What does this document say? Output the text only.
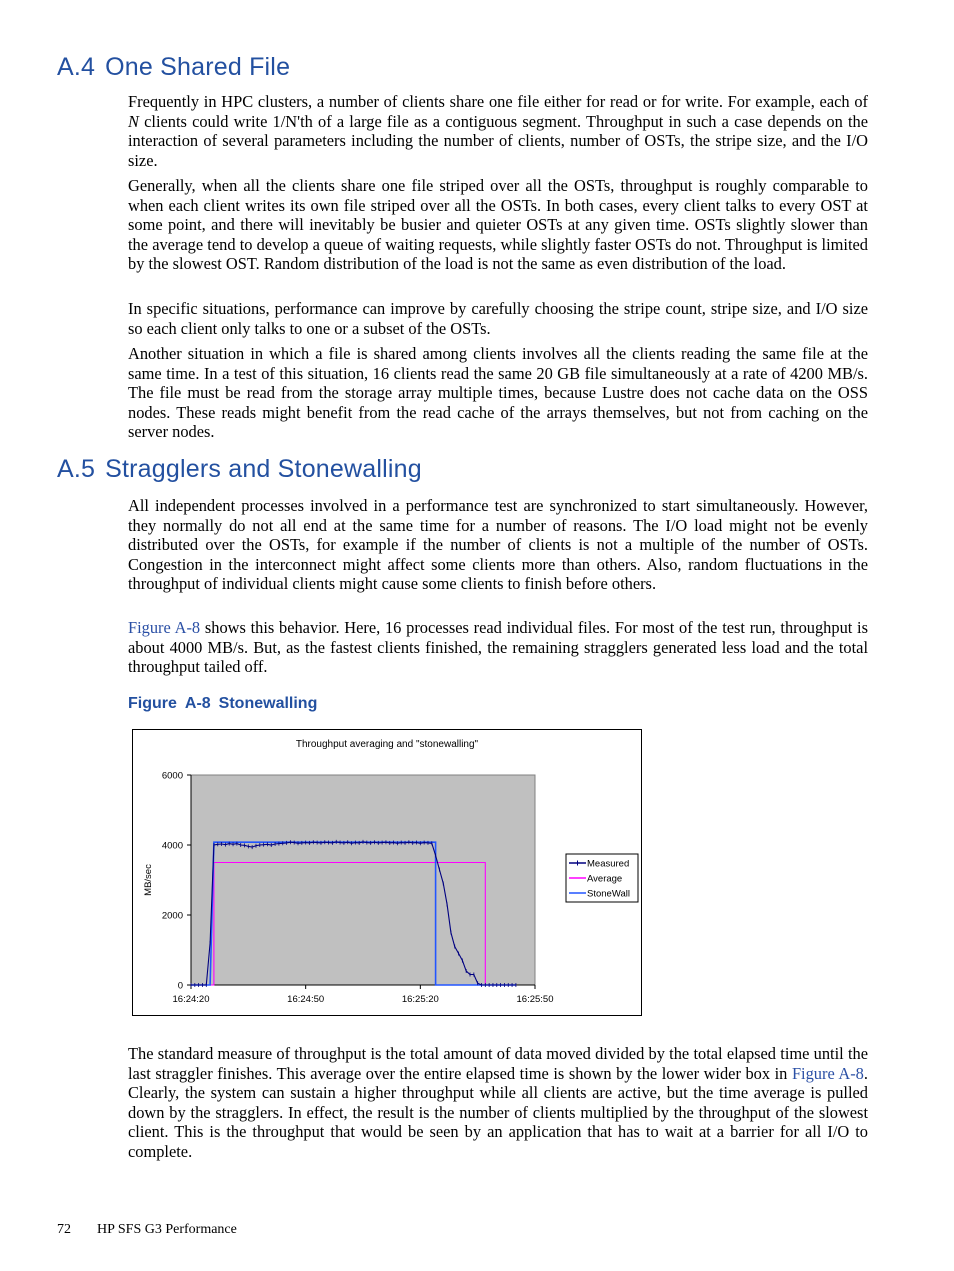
A.4 One Shared File
A.5 Stragglers and Stonewalling
Figure A-8 Stonewalling
Throughput averaging and "stonewalling"
0
2000
4000
6000
16:24:20	16:24:50	16:25:20	16:25:50
MB/sec
Measured
Average
StoneWall
72 HP SFS G3 Performance

Frequently in HPC clusters, a number of clients share one file either for read or for write. For example, each of N clients could write 1/N'th of a large file as a contiguous segment. Throughput in such a case depends on the interaction of several parameters including the number of clients, number of OSTs, the stripe size, and the I/O size.

Generally, when all the clients share one file striped over all the OSTs, throughput is roughly comparable to when each client writes its own file striped over all the OSTs. In both cases, every client talks to every OST at some point, and there will inevitably be busier and quieter OSTs at any given time. OSTs slightly slower than the average tend to develop a queue of waiting requests, while slightly faster OSTs do not. Throughput is limited by the slowest OST. Random distribution of the load is not the same as even distribution of the load.

In specific situations, performance can improve by carefully choosing the stripe count, stripe size, and I/O size so each client only talks to one or a subset of the OSTs.

Another situation in which a file is shared among clients involves all the clients reading the same file at the same time. In a test of this situation, 16 clients read the same 20 GB file simultaneously at a rate of 4200 MB/s. The file must be read from the storage array multiple times, because Lustre does not cache data on the OSS nodes. These reads might benefit from the read cache of the arrays themselves, but not from caching on the server nodes.

All independent processes involved in a performance test are synchronized to start simultaneously. However, they normally do not all end at the same time for a number of reasons. The I/O load might not be evenly distributed over the OSTs, for example if the number of clients is not a multiple of the number of OSTs. Congestion in the interconnect might affect some clients more than others. Also, random fluctuations in the throughput of individual clients might cause some clients to finish before others.

Figure A-8 shows this behavior. Here, 16 processes read individual files. For most of the test run, throughput is about 4000 MB/s. But, as the fastest clients finished, the remaining stragglers generated less load and the total throughput tailed off.

The standard measure of throughput is the total amount of data moved divided by the total elapsed time until the last straggler finishes. This average over the entire elapsed time is shown by the lower wider box in Figure A-8. Clearly, the system can sustain a higher throughput while all clients are active, but the time average is pulled down by the stragglers. In effect, the result is the number of clients multiplied by the throughput of the slowest client. This is the throughput that would be seen by an application that has to wait at a barrier for all I/O to complete.
